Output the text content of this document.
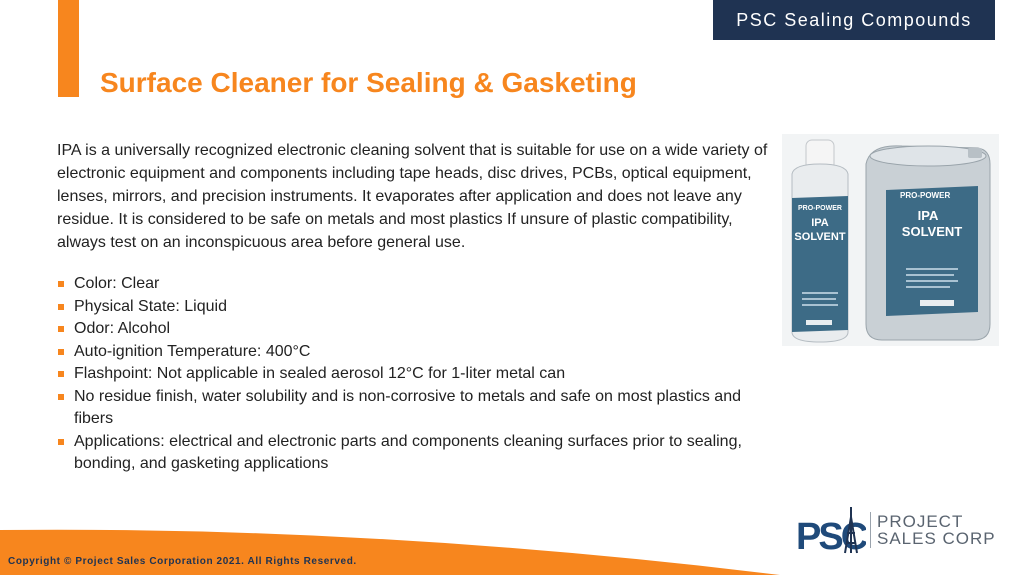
PSC Sealing Compounds
Surface Cleaner for Sealing & Gasketing

IPA is a universally recognized electronic cleaning solvent that is suitable for use on a wide variety of electronic equipment and components including tape heads, disc drives, PCBs, optical equipment, lenses, mirrors, and precision instruments. It evaporates after application and does not leave any residue. It is considered to be safe on metals and most plastics If unsure of plastic compatibility, always test on an inconspicuous area before general use.

Color: Clear
Physical State: Liquid
Odor: Alcohol
Auto-ignition Temperature: 400°C
Flashpoint: Not applicable in sealed aerosol 12°C for 1-liter metal can
No residue finish, water solubility and is non-corrosive to metals and safe on most plastics and fibers
Applications: electrical and electronic parts and components cleaning surfaces prior to sealing, bonding, and gasketing applications
PRO-POWER
IPA
SOLVENT
PRO-POWER
IPA
SOLVENT

Copyright © Project Sales Corporation 2021. All Rights Reserved.

PSC PROJECT
SALES CORP
